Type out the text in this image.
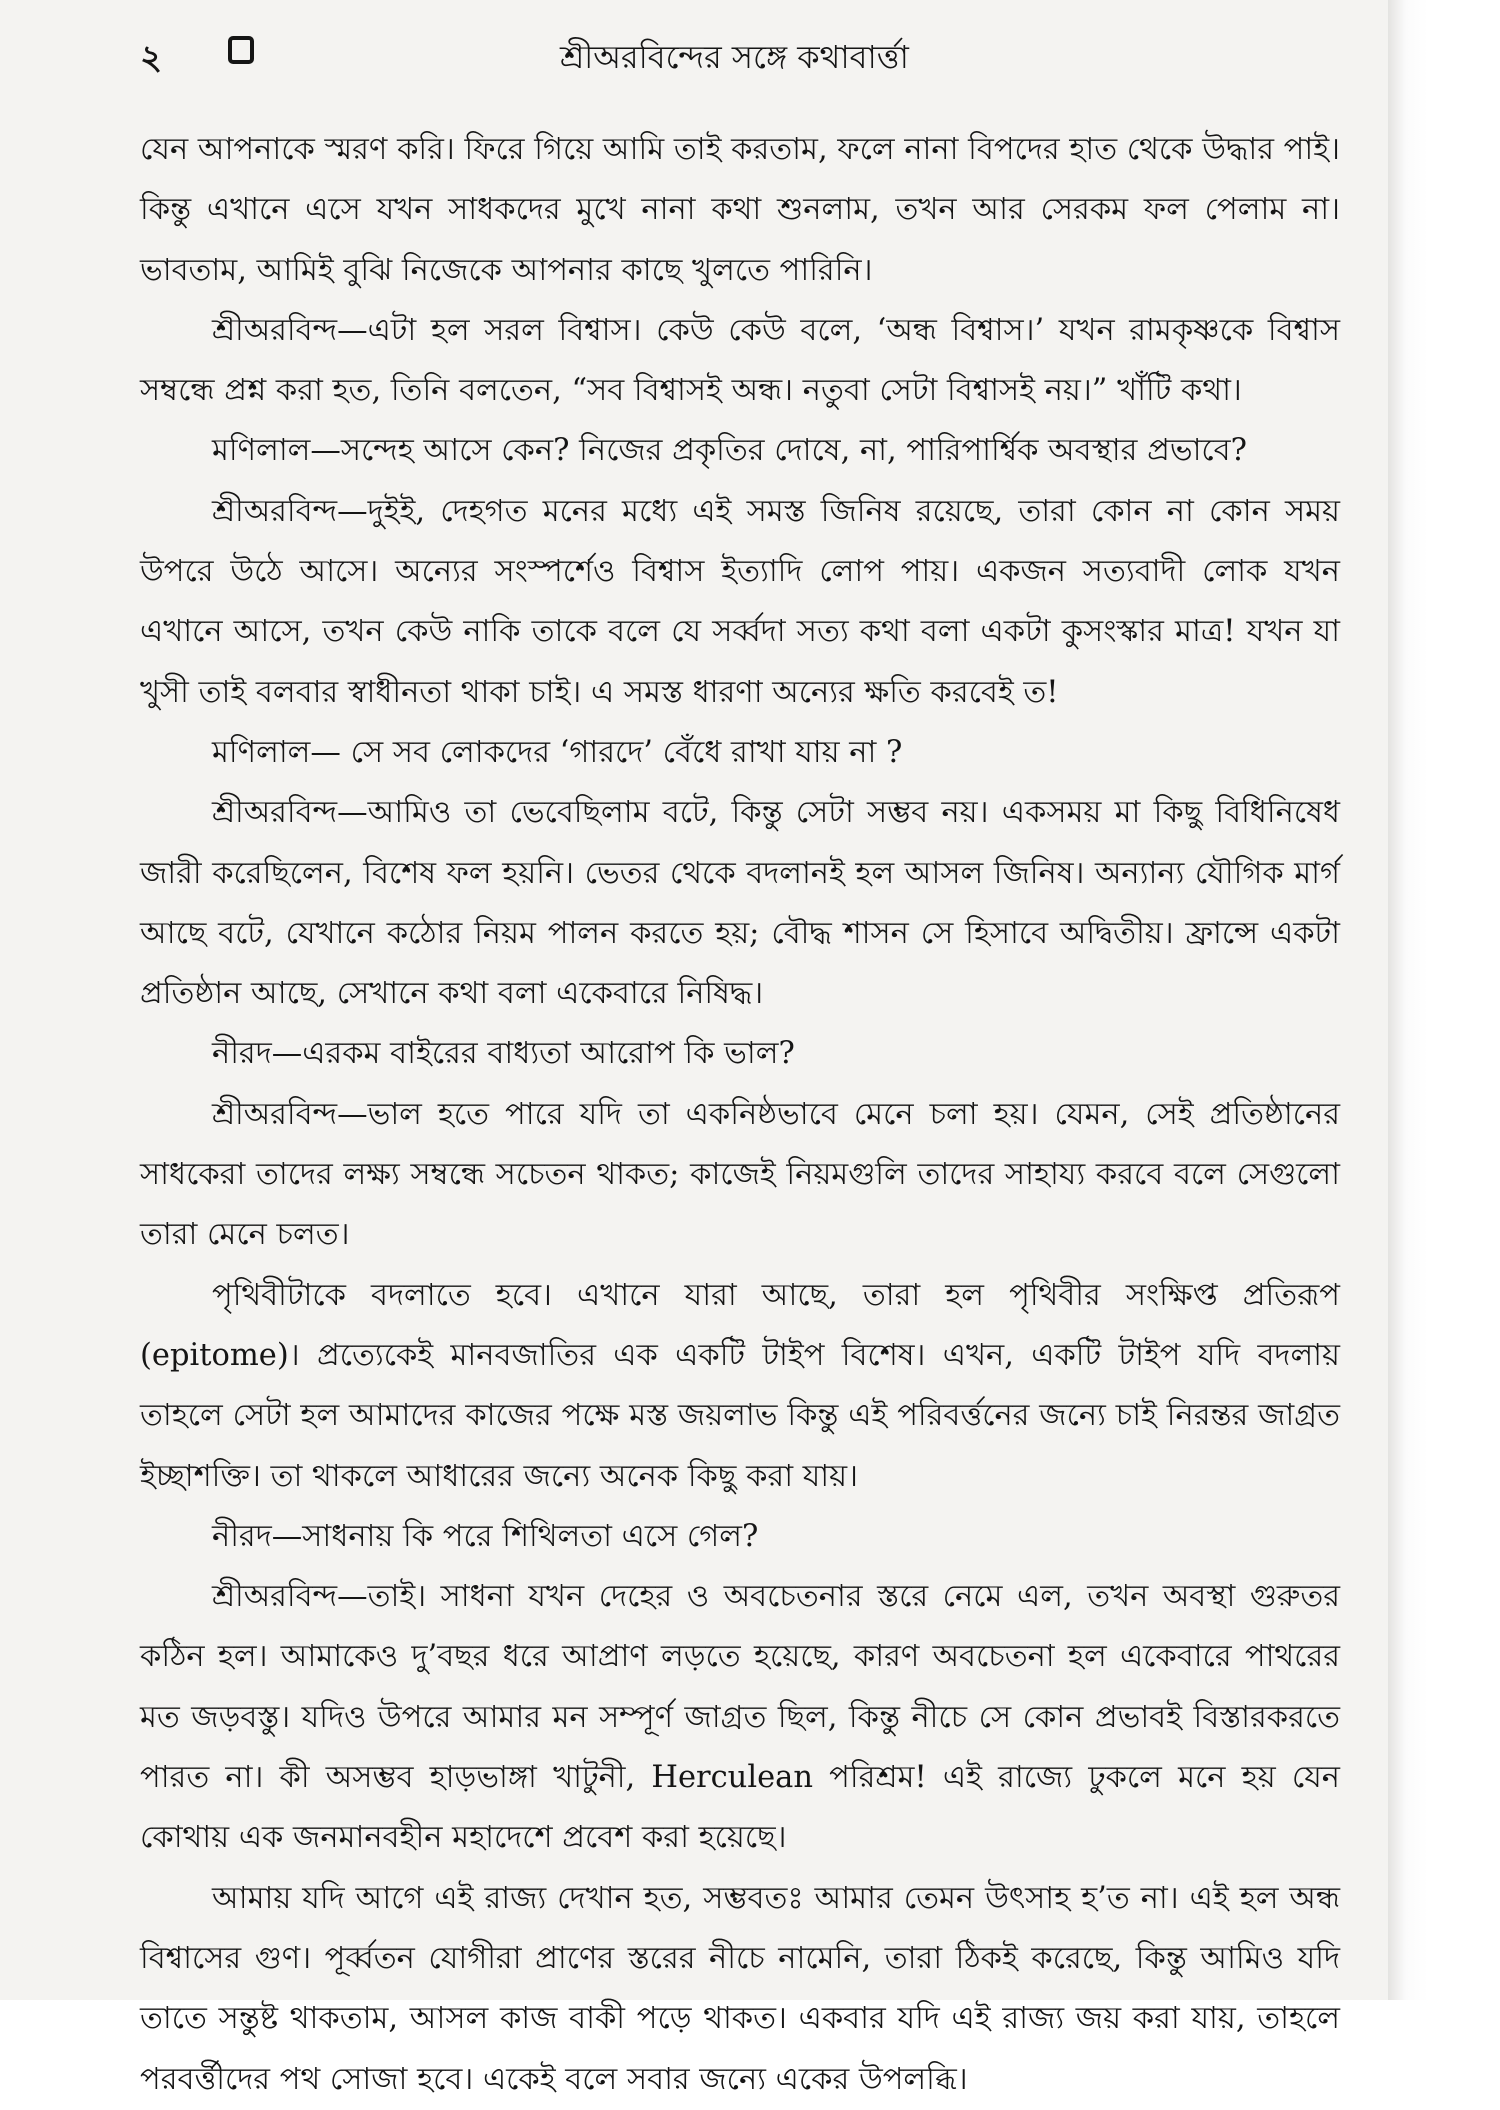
২	শ্রীঅরবিন্দের সঙ্গে কথাবার্ত্তা

যেন আপনাকে স্মরণ করি। ফিরে গিয়ে আমি তাই করতাম, ফলে নানা বিপদের হাত থেকে উদ্ধার পাই। কিন্তু এখানে এসে যখন সাধকদের মুখে নানা কথা শুনলাম, তখন আর সেরকম ফল পেলাম না। ভাবতাম, আমিই বুঝি নিজেকে আপনার কাছে খুলতে পারিনি।

শ্রীঅরবিন্দ—এটা হল সরল বিশ্বাস। কেউ কেউ বলে, ‘অন্ধ বিশ্বাস।’ যখন রামকৃষ্ণকে বিশ্বাস সম্বন্ধে প্রশ্ন করা হত, তিনি বলতেন, “সব বিশ্বাসই অন্ধ। নতুবা সেটা বিশ্বাসই নয়।” খাঁটি কথা।

মণিলাল—সন্দেহ আসে কেন? নিজের প্রকৃতির দোষে, না, পারিপার্শ্বিক অবস্থার প্রভাবে?

শ্রীঅরবিন্দ—দুইই, দেহগত মনের মধ্যে এই সমস্ত জিনিষ রয়েছে, তারা কোন না কোন সময় উপরে উঠে আসে। অন্যের সংস্পর্শেও বিশ্বাস ইত্যাদি লোপ পায়। একজন সত্যবাদী লোক যখন এখানে আসে, তখন কেউ নাকি তাকে বলে যে সর্ব্বদা সত্য কথা বলা একটা কুসংস্কার মাত্র! যখন যা খুসী তাই বলবার স্বাধীনতা থাকা চাই। এ সমস্ত ধারণা অন্যের ক্ষতি করবেই ত!

মণিলাল— সে সব লোকদের ‘গারদে’ বেঁধে রাখা যায় না ?

শ্রীঅরবিন্দ—আমিও তা ভেবেছিলাম বটে, কিন্তু সেটা সম্ভব নয়। একসময় মা কিছু বিধিনিষেধ জারী করেছিলেন, বিশেষ ফল হয়নি। ভেতর থেকে বদলানই হল আসল জিনিষ। অন্যান্য যৌগিক মার্গ আছে বটে, যেখানে কঠোর নিয়ম পালন করতে হয়; বৌদ্ধ শাসন সে হিসাবে অদ্বিতীয়। ফ্রান্সে একটা প্রতিষ্ঠান আছে, সেখানে কথা বলা একেবারে নিষিদ্ধ।

নীরদ—এরকম বাইরের বাধ্যতা আরোপ কি ভাল?

শ্রীঅরবিন্দ—ভাল হতে পারে যদি তা একনিষ্ঠভাবে মেনে চলা হয়। যেমন, সেই প্রতিষ্ঠানের সাধকেরা তাদের লক্ষ্য সম্বন্ধে সচেতন থাকত; কাজেই নিয়মগুলি তাদের সাহায্য করবে বলে সেগুলো তারা মেনে চলত।

পৃথিবীটাকে বদলাতে হবে। এখানে যারা আছে, তারা হল পৃথিবীর সংক্ষিপ্ত প্রতিরূপ (epitome)। প্রত্যেকেই মানবজাতির এক একটি টাইপ বিশেষ। এখন, একটি টাইপ যদি বদলায় তাহলে সেটা হল আমাদের কাজের পক্ষে মস্ত জয়লাভ কিন্তু এই পরিবর্ত্তনের জন্যে চাই নিরন্তর জাগ্রত ইচ্ছাশক্তি। তা থাকলে আধারের জন্যে অনেক কিছু করা যায়।

নীরদ—সাধনায় কি পরে শিথিলতা এসে গেল?

শ্রীঅরবিন্দ—তাই। সাধনা যখন দেহের ও অবচেতনার স্তরে নেমে এল, তখন অবস্থা গুরুতর কঠিন হল। আমাকেও দু’বছর ধরে আপ্রাণ লড়তে হয়েছে, কারণ অবচেতনা হল একেবারে পাথরের মত জড়বস্তু। যদিও উপরে আমার মন সম্পূর্ণ জাগ্রত ছিল, কিন্তু নীচে সে কোন প্রভাবই বিস্তারকরতে পারত না। কী অসম্ভব হাড়ভাঙ্গা খাটুনী, Herculean পরিশ্রম! এই রাজ্যে ঢুকলে মনে হয় যেন কোথায় এক জনমানবহীন মহাদেশে প্রবেশ করা হয়েছে।

আমায় যদি আগে এই রাজ্য দেখান হত, সম্ভবতঃ আমার তেমন উৎসাহ হ’ত না। এই হল অন্ধ বিশ্বাসের গুণ। পূর্ব্বতন যোগীরা প্রাণের স্তরের নীচে নামেনি, তারা ঠিকই করেছে, কিন্তু আমিও যদি তাতে সন্তুষ্ট থাকতাম, আসল কাজ বাকী পড়ে থাকত। একবার যদি এই রাজ্য জয় করা যায়, তাহলে পরবর্ত্তীদের পথ সোজা হবে। একেই বলে সবার জন্যে একের উপলব্ধি।
